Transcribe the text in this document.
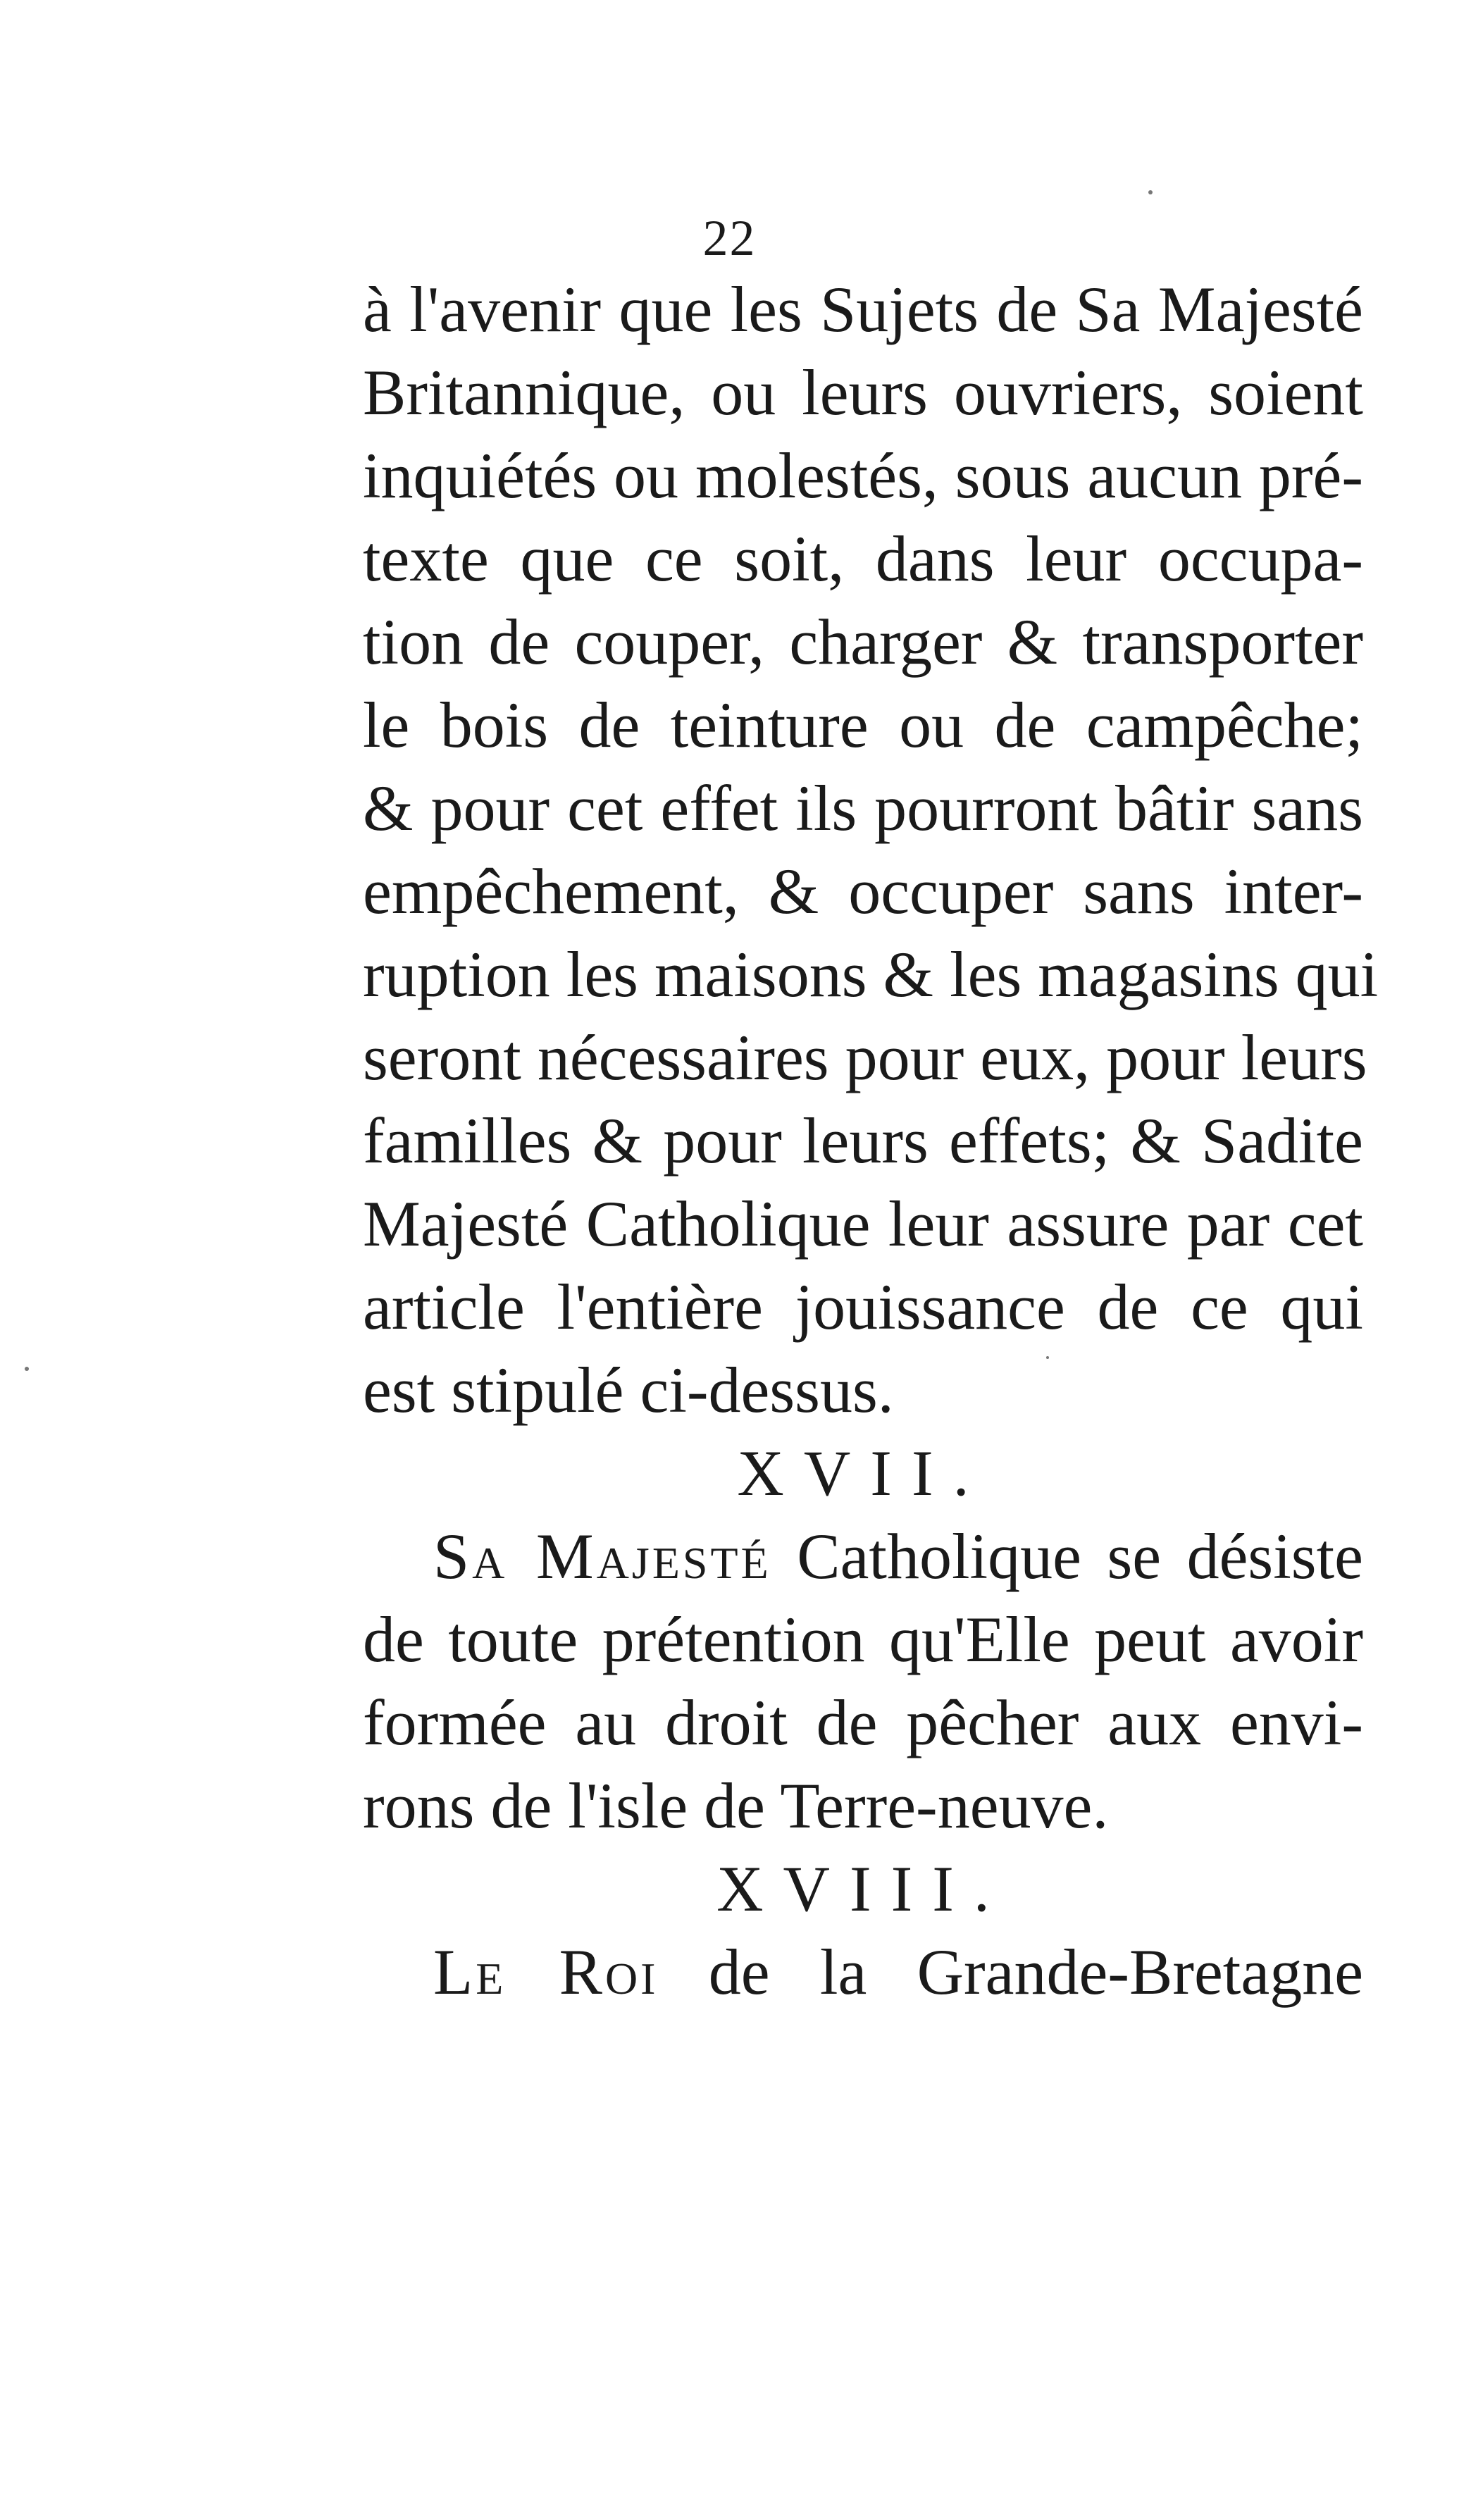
22
à l'avenir que les Sujets de Sa Majesté
Britannique, ou leurs ouvriers, soient
inquiétés ou molestés, sous aucun pré-
texte que ce soit, dans leur occupa-
tion de couper, charger & transporter
le bois de teinture ou de campêche;
& pour cet effet ils pourront bâtir sans
empêchement, & occuper sans inter-
ruption les maisons & les magasins qui
seront nécessaires pour eux, pour leurs
familles & pour leurs effets; & Sadite
Majesté Catholique leur assure par cet
article l'entière jouissance de ce qui
est stipulé ci-dessus.
XVII.
Sa Majesté Catholique se désiste
de toute prétention qu'Elle peut avoir
formée au droit de pêcher aux envi-
rons de l'isle de Terre-neuve.
XVIII.
Le Roi de la Grande-Bretagne
